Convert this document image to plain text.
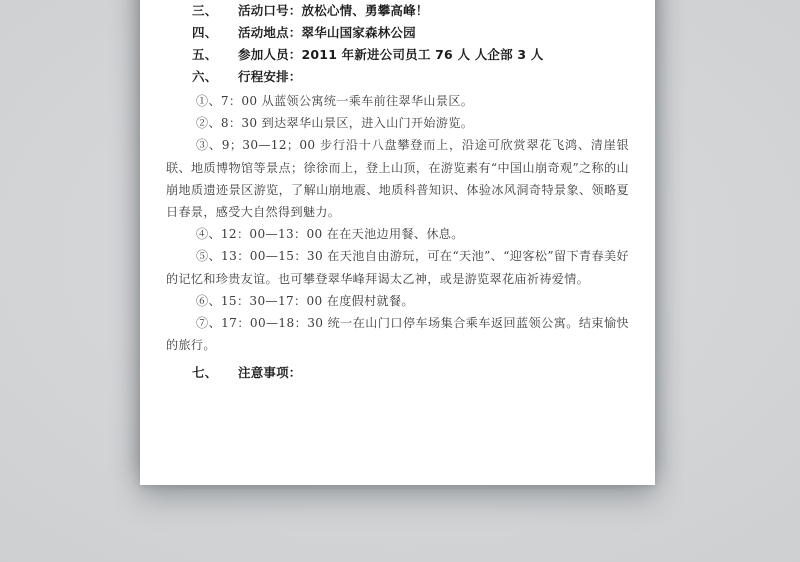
三、 活动口号：放松心情、勇攀高峰！
四、 活动地点：翠华山国家森林公园
五、 参加人员：2011 年新进公司员工 76 人 人企部 3 人
六、 行程安排：

①、7：00 从蓝领公寓统一乘车前往翠华山景区。

②、8：30 到达翠华山景区，进入山门开始游览。

③、9；30—12；00 步行沿十八盘攀登而上，沿途可欣赏翠花飞鸿、清崖银联、地质博物馆等景点；徐徐而上，登上山顶，在游览素有“中国山崩奇观”之称的山崩地质遗迹景区游览，了解山崩地震、地质科普知识、体验冰风洞奇特景象、领略夏日春景，感受大自然得到魅力。

④、12：00—13：00 在在天池边用餐、休息。

⑤、13：00—15：30 在天池自由游玩，可在“天池”、“迎客松”留下青春美好的记忆和珍贵友谊。也可攀登翠华峰拜谒太乙神，或是游览翠花庙祈祷爱情。

⑥、15：30—17：00 在度假村就餐。

⑦、17：00—18：30 统一在山门口停车场集合乘车返回蓝领公寓。结束愉快的旅行。

七、 注意事项：
